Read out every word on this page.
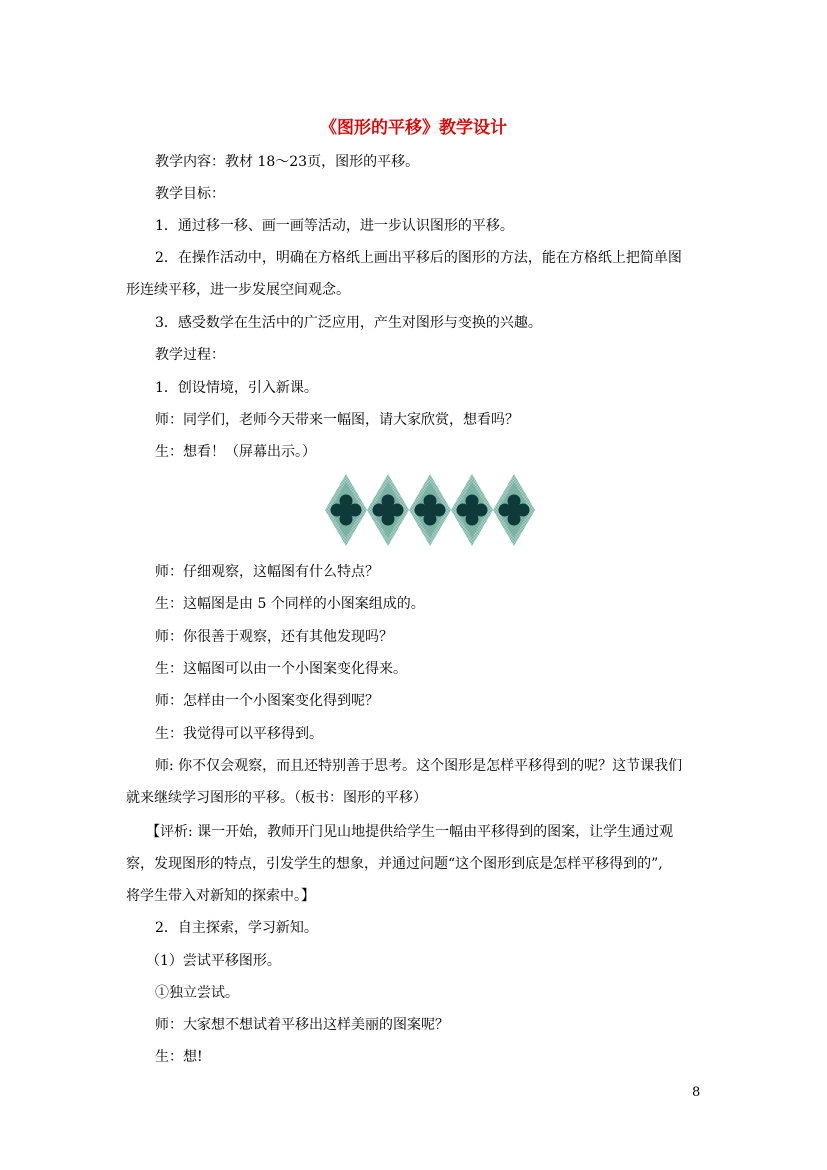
《图形的平移》教学设计
教学内容：教材 18～23页，图形的平移。
教学目标：
1．通过移一移、画一画等活动，进一步认识图形的平移。
2．在操作活动中，明确在方格纸上画出平移后的图形的方法，能在方格纸上把简单图
形连续平移，进一步发展空间观念。
3．感受数学在生活中的广泛应用，产生对图形与变换的兴趣。
教学过程：
1．创设情境，引入新课。
师：同学们，老师今天带来一幅图，请大家欣赏，想看吗？
生：想看！（屏幕出示。）
师：仔细观察，这幅图有什么特点？
生：这幅图是由 5 个同样的小图案组成的。
师：你很善于观察，还有其他发现吗？
生：这幅图可以由一个小图案变化得来。
师：怎样由一个小图案变化得到呢？
生：我觉得可以平移得到。
师: 你不仅会观察，而且还特别善于思考。这个图形是怎样平移得到的呢？这节课我们
就来继续学习图形的平移。（板书：图形的平移）
【评析: 课一开始，教师开门见山地提供给学生一幅由平移得到的图案，让学生通过观
察，发现图形的特点，引发学生的想象，并通过问题“这个图形到底是怎样平移得到的”,
将学生带入对新知的探索中。】
2．自主探索，学习新知。
（1）尝试平移图形。
①独立尝试。
师：大家想不想试着平移出这样美丽的图案呢？
生：想!
8
